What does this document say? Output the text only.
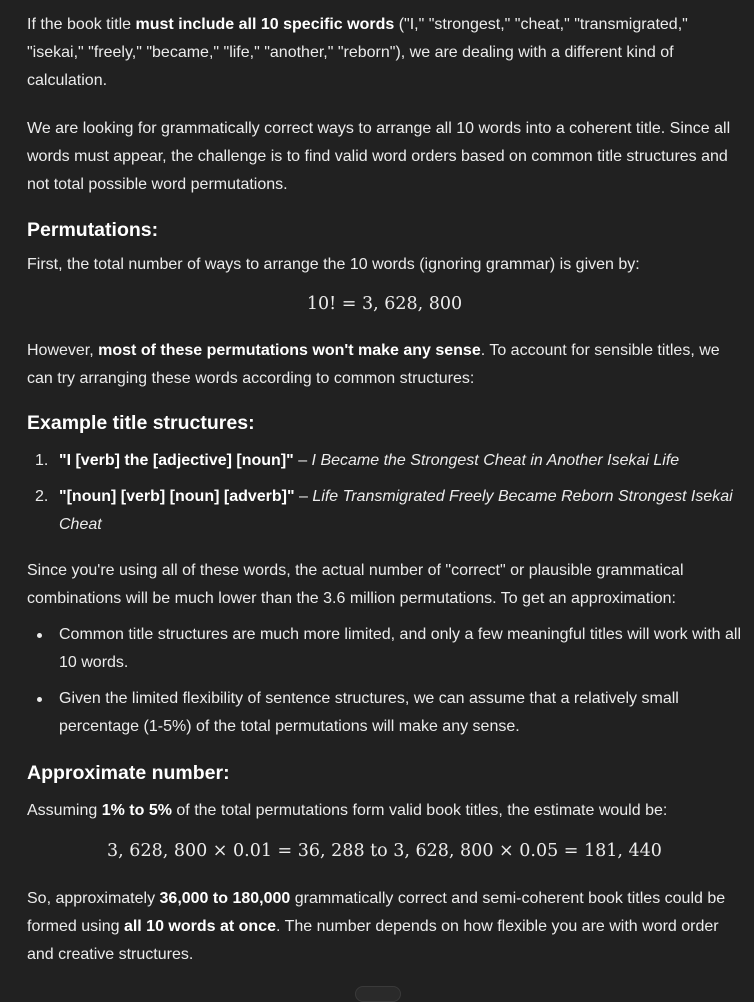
If the book title must include all 10 specific words ("I," "strongest," "cheat," "transmigrated," "isekai," "freely," "became," "life," "another," "reborn"), we are dealing with a different kind of calculation.

We are looking for grammatically correct ways to arrange all 10 words into a coherent title. Since all words must appear, the challenge is to find valid word orders based on common title structures and not total possible word permutations.

Permutations:

First, the total number of ways to arrange the 10 words (ignoring grammar) is given by:

10! = 3, 628, 800

However, most of these permutations won't make any sense. To account for sensible titles, we can try arranging these words according to common structures:

Example title structures:
1. "I [verb] the [adjective] [noun]" – I Became the Strongest Cheat in Another Isekai Life
2. "[noun] [verb] [noun] [adverb]" – Life Transmigrated Freely Became Reborn Strongest Isekai Cheat

Since you're using all of these words, the actual number of "correct" or plausible grammatical combinations will be much lower than the 3.6 million permutations. To get an approximation:

Common title structures are much more limited, and only a few meaningful titles will work with all 10 words.
Given the limited flexibility of sentence structures, we can assume that a relatively small percentage (1-5%) of the total permutations will make any sense.
Approximate number:

Assuming 1% to 5% of the total permutations form valid book titles, the estimate would be:

3, 628, 800 × 0.01 = 36, 288 to 3, 628, 800 × 0.05 = 181, 440

So, approximately 36,000 to 180,000 grammatically correct and semi-coherent book titles could be formed using all 10 words at once. The number depends on how flexible you are with word order and creative structures.
